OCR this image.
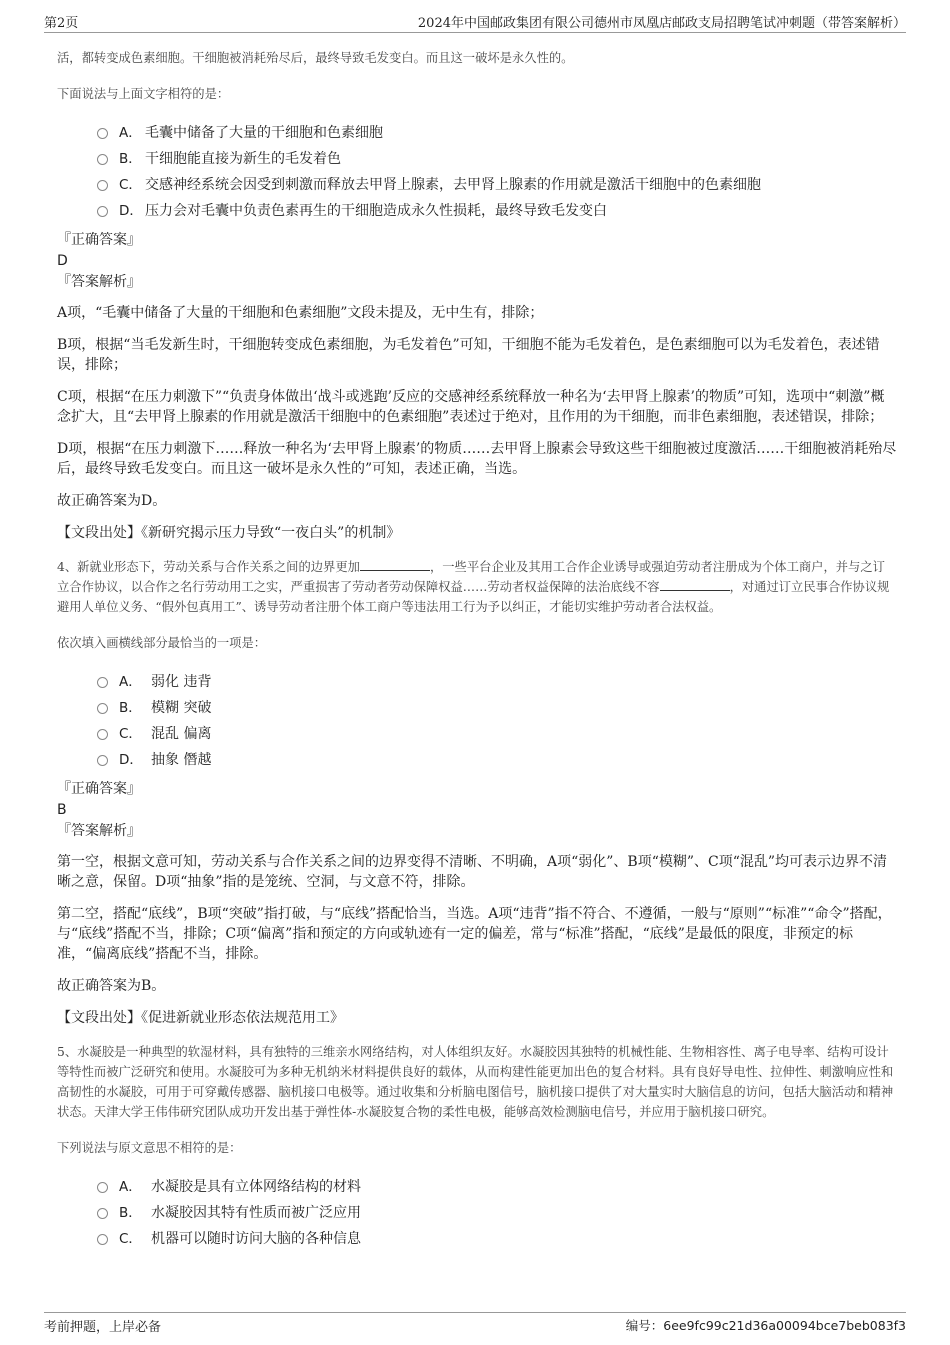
第2页	2024年中国邮政集团有限公司德州市凤凰店邮政支局招聘笔试冲刺题（带答案解析）
活，都转变成色素细胞。干细胞被消耗殆尽后，最终导致毛发变白。而且这一破坏是永久性的。
下面说法与上面文字相符的是：
A． 毛囊中储备了大量的干细胞和色素细胞
B． 干细胞能直接为新生的毛发着色
C． 交感神经系统会因受到刺激而释放去甲肾上腺素，去甲肾上腺素的作用就是激活干细胞中的色素细胞
D． 压力会对毛囊中负责色素再生的干细胞造成永久性损耗，最终导致毛发变白
『正确答案』
D
『答案解析』
A项，“毛囊中储备了大量的干细胞和色素细胞”文段未提及，无中生有，排除；
B项，根据“当毛发新生时，干细胞转变成色素细胞，为毛发着色”可知，干细胞不能为毛发着色，是色素细胞可以为毛发着色，表述错误，排除；
C项，根据“在压力刺激下”“负责身体做出‘战斗或逃跑’反应的交感神经系统释放一种名为‘去甲肾上腺素’的物质”可知，选项中“刺激”概念扩大，且“去甲肾上腺素的作用就是激活干细胞中的色素细胞”表述过于绝对，且作用的为干细胞，而非色素细胞，表述错误，排除；
D项，根据“在压力刺激下……释放一种名为‘去甲肾上腺素’的物质……去甲肾上腺素会导致这些干细胞被过度激活……干细胞被消耗殆尽后，最终导致毛发变白。而且这一破坏是永久性的”可知，表述正确，当选。
故正确答案为D。
【文段出处】《新研究揭示压力导致“一夜白头”的机制》
4、新就业形态下，劳动关系与合作关系之间的边界更加	，一些平台企业及其用工合作企业诱导或强迫劳动者注册成为个体工商户，并与之订立合作协议，以合作之名行劳动用工之实，严重损害了劳动者劳动保障权益……劳动者权益保障的法治底线不容	，对通过订立民事合作协议规避用人单位义务、“假外包真用工”、诱导劳动者注册个体工商户等违法用工行为予以纠正，才能切实维护劳动者合法权益。
依次填入画横线部分最恰当的一项是：
A． 弱化 违背
B． 模糊 突破
C． 混乱 偏离
D． 抽象 僭越
『正确答案』
B
『答案解析』
第一空，根据文意可知，劳动关系与合作关系之间的边界变得不清晰、不明确，A项“弱化”、B项“模糊”、C项“混乱”均可表示边界不清晰之意，保留。D项“抽象”指的是笼统、空洞，与文意不符，排除。
第二空，搭配“底线”，B项“突破”指打破，与“底线”搭配恰当，当选。A项“违背”指不符合、不遵循，一般与“原则”“标准”“命令”搭配，与“底线”搭配不当，排除；C项“偏离”指和预定的方向或轨迹有一定的偏差，常与“标准”搭配，“底线”是最低的限度，非预定的标准，“偏离底线”搭配不当，排除。
故正确答案为B。
【文段出处】《促进新就业形态依法规范用工》
5、水凝胶是一种典型的软湿材料，具有独特的三维亲水网络结构，对人体组织友好。水凝胶因其独特的机械性能、生物相容性、离子电导率、结构可设计等特性而被广泛研究和使用。水凝胶可为多种无机纳米材料提供良好的载体，从而构建性能更加出色的复合材料。具有良好导电性、拉伸性、刺激响应性和高韧性的水凝胶，可用于可穿戴传感器、脑机接口电极等。通过收集和分析脑电图信号，脑机接口提供了对大量实时大脑信息的访问，包括大脑活动和精神状态。天津大学王伟伟研究团队成功开发出基于弹性体-水凝胶复合物的柔性电极，能够高效检测脑电信号，并应用于脑机接口研究。
下列说法与原文意思不相符的是：
A． 水凝胶是具有立体网络结构的材料
B． 水凝胶因其特有性质而被广泛应用
C． 机器可以随时访问大脑的各种信息
考前押题，上岸必备	编号：6ee9fc99c21d36a00094bce7beb083f3
